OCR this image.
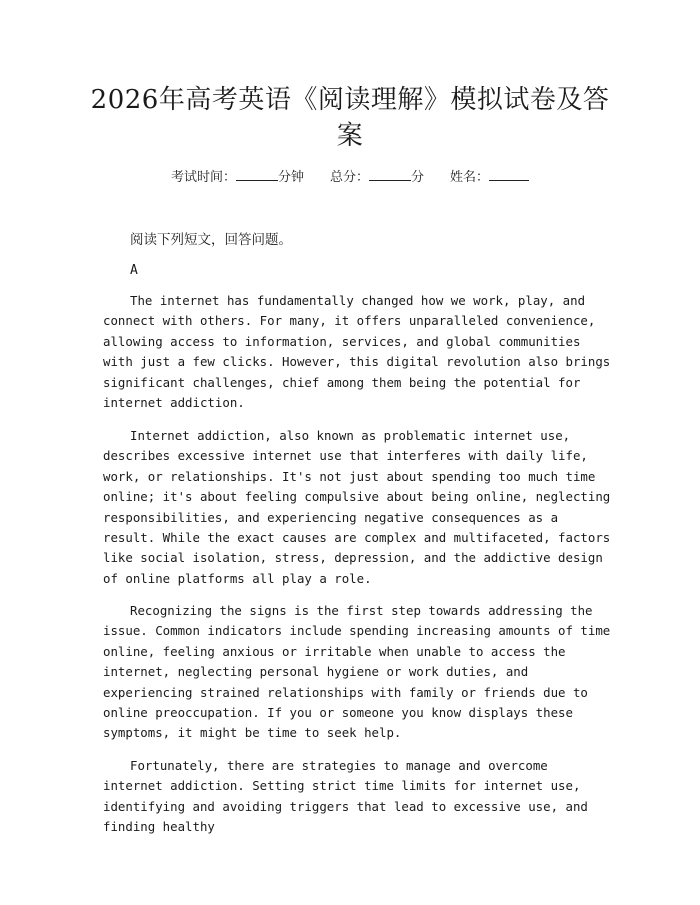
2026年高考英语《阅读理解》模拟试卷及答案
考试时间：	分钟 总分：	分 姓名：
阅读下列短文，回答问题。
A

The internet has fundamentally changed how we work, play, and connect with others. For many, it offers unparalleled convenience, allowing access to information, services, and global communities with just a few clicks. However, this digital revolution also brings significant challenges, chief among them being the potential for internet addiction.

Internet addiction, also known as problematic internet use, describes excessive internet use that interferes with daily life, work, or relationships. It's not just about spending too much time online; it's about feeling compulsive about being online, neglecting responsibilities, and experiencing negative consequences as a result. While the exact causes are complex and multifaceted, factors like social isolation, stress, depression, and the addictive design of online platforms all play a role.

Recognizing the signs is the first step towards addressing the issue. Common indicators include spending increasing amounts of time online, feeling anxious or irritable when unable to access the internet, neglecting personal hygiene or work duties, and experiencing strained relationships with family or friends due to online preoccupation. If you or someone you know displays these symptoms, it might be time to seek help.

Fortunately, there are strategies to manage and overcome internet addiction. Setting strict time limits for internet use, identifying and avoiding triggers that lead to excessive use, and finding healthy
